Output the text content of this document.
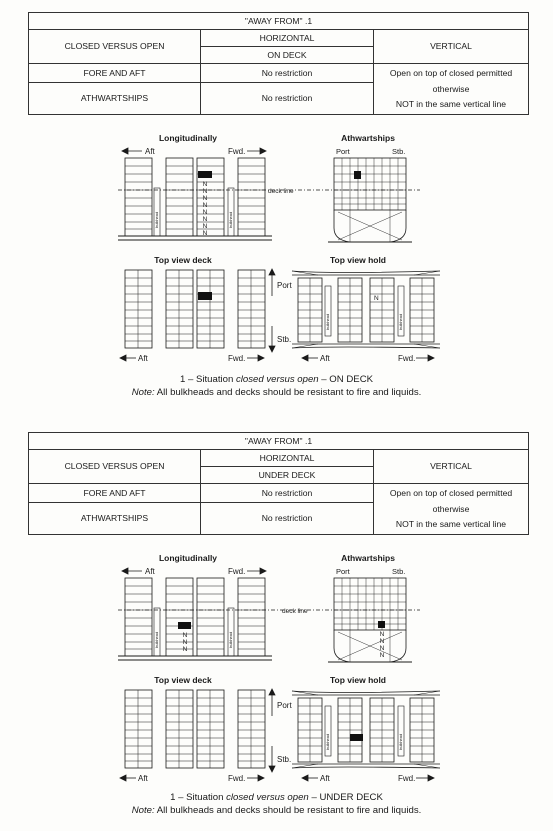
"AWAY FROM" .1		
CLOSED VERSUS OPEN	HORIZONTAL	VERTICAL
	ON DECK	
FORE AND AFT	No restriction	Open on top of closed permitted
otherwise
NOT in the same vertical line

ATHWARTSHIPS	No restriction	
Longitudinally	Athwartships
Aft	Fwd.
bulkhead	bulkhead
N
N
N
N
N
N
N
N
deck line
Port	Stb.
Top view deck
Port
Stb.
Aft	Fwd.
Top view hold
bulkhead	bulkhead
N
Aft	Fwd.
1 – Situation closed versus open – ON DECK
Note: All bulkheads and decks should be resistant to fire and liquids.
"AWAY FROM" .1		
CLOSED VERSUS OPEN	HORIZONTAL	VERTICAL
	UNDER DECK	
FORE AND AFT	No restriction	Open on top of closed permitted
otherwise
NOT in the same vertical line

ATHWARTSHIPS	No restriction	
Longitudinally	Athwartships
Aft	Fwd.
bulkhead	bulkhead
N
N
N
deck line
Port	Stb.
N
N
N
N
Top view deck
Port
Stb.
Aft	Fwd.
Top view hold
bulkhead	bulkhead
Aft	Fwd.
1 – Situation closed versus open – UNDER DECK
Note: All bulkheads and decks should be resistant to fire and liquids.
